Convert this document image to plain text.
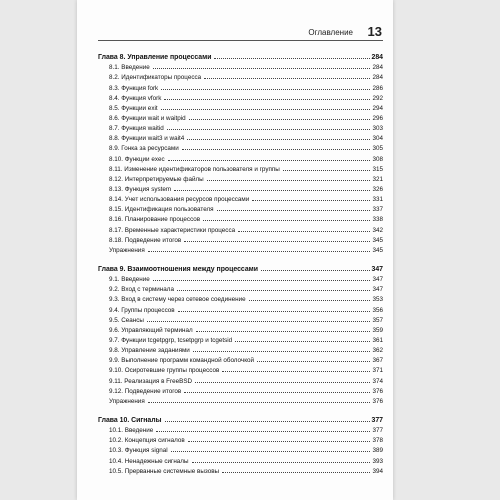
Оглавление 13
Глава 8. Управление процессами	284
8.1. Введение	284
8.2. Идентификаторы процесса	284
8.3. Функция fork	286
8.4. Функция vfork	292
8.5. Функции exit	294
8.6. Функции wait и waitpid	296
8.7. Функция waitid	303
8.8. Функции wait3 и wait4	304
8.9. Гонка за ресурсами	305
8.10. Функции exec	308
8.11. Изменение идентификаторов пользователя и группы	315
8.12. Интерпретируемые файлы	321
8.13. Функция system	326
8.14. Учет использования ресурсов процессами	331
8.15. Идентификация пользователя	337
8.16. Планирование процессов	338
8.17. Временные характеристики процесса	342
8.18. Подведение итогов	345
Упражнения	345
Глава 9. Взаимоотношения между процессами	347
9.1. Введение	347
9.2. Вход с терминала	347
9.3. Вход в систему через сетевое соединение	353
9.4. Группы процессов	356
9.5. Сеансы	357
9.6. Управляющий терминал	359
9.7. Функции tcgetpgrp, tcsetpgrp и tcgetsid	361
9.8. Управление заданиями	362
9.9. Выполнение программ командной оболочкой	367
9.10. Осиротевшие группы процессов	371
9.11. Реализация в FreeBSD	374
9.12. Подведение итогов	376
Упражнения	376
Глава 10. Сигналы	377
10.1. Введение	377
10.2. Концепция сигналов	378
10.3. Функция signal	389
10.4. Ненадежные сигналы	393
10.5. Прерванные системные вызовы	394
